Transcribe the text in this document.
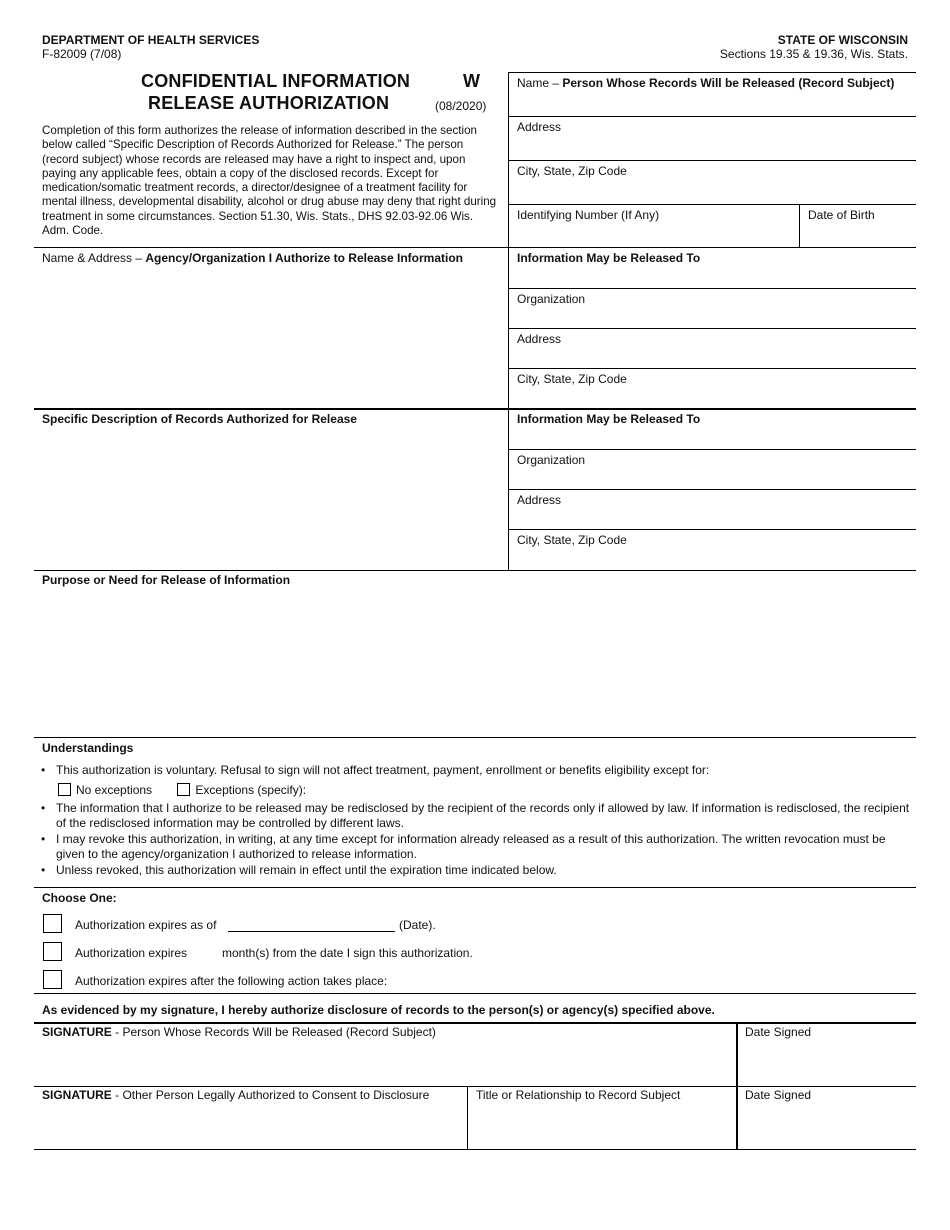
DEPARTMENT OF HEALTH SERVICES
F-82009 (7/08)
STATE OF WISCONSIN
Sections 19.35 & 19.36, Wis. Stats.
CONFIDENTIAL INFORMATION
RELEASE AUTHORIZATION
W
(08/2020)
Completion of this form authorizes the release of information described in the section below called “Specific Description of Records Authorized for Release.” The person (record subject) whose records are released may have a right to inspect and, upon paying any applicable fees, obtain a copy of the disclosed records. Except for medication/somatic treatment records, a director/designee of a treatment facility for mental illness, developmental disability, alcohol or drug abuse may deny that right during treatment in some circumstances. Section 51.30, Wis. Stats., DHS 92.03-92.06 Wis. Adm. Code.
Name – Person Whose Records Will be Released (Record Subject)
Address
City, State, Zip Code
Identifying Number (If Any)	Date of Birth
Name & Address – Agency/Organization I Authorize to Release Information	Information May be Released To
Organization
Address
City, State, Zip Code
Specific Description of Records Authorized for Release	Information May be Released To
Organization
Address
City, State, Zip Code
Purpose or Need for Release of Information
Understandings
• This authorization is voluntary. Refusal to sign will not affect treatment, payment, enrollment or benefits eligibility except for:
No exceptions	Exceptions (specify):
• The information that I authorize to be released may be redisclosed by the recipient of the records only if allowed by law. If information is redisclosed, the recipient of the redisclosed information may be controlled by different laws.
• I may revoke this authorization, in writing, at any time except for information already released as a result of this authorization. The written revocation must be given to the agency/organization I authorized to release information.
• Unless revoked, this authorization will remain in effect until the expiration time indicated below.
Choose One:
Authorization expires as of	(Date).
Authorization expires	month(s) from the date I sign this authorization.
Authorization expires after the following action takes place:
As evidenced by my signature, I hereby authorize disclosure of records to the person(s) or agency(s) specified above.
SIGNATURE - Person Whose Records Will be Released (Record Subject)	Date Signed
SIGNATURE - Other Person Legally Authorized to Consent to Disclosure	Title or Relationship to Record Subject	Date Signed
